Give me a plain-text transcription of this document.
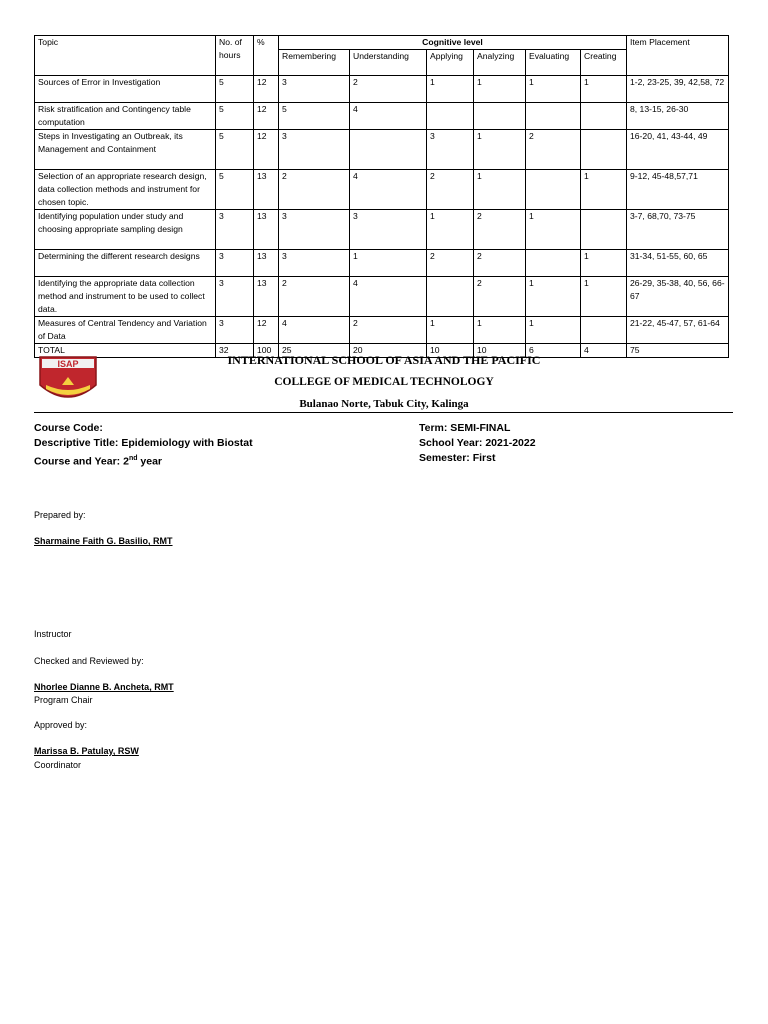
Topic	No. of hours	%	Cognitive level						Item Placement
			Remembering	Understanding	Applying	Analyzing	Evaluating	Creating	
Sources of Error in Investigation	5	12	3	2	1	1	1	1	1-2, 23-25, 39, 42,58, 72
Risk stratification and Contingency table computation	5	12	5	4					8, 13-15, 26-30
Steps in Investigating an Outbreak, its Management and Containment	5	12	3		3	1	2		16-20, 41, 43-44, 49
Selection of an appropriate research design, data collection methods and instrument for chosen topic.	5	13	2	4	2	1		1	9-12, 45-48,57,71
Identifying population under study and choosing appropriate sampling design	3	13	3	3	1	2	1		3-7, 68,70, 73-75
Determining the different research designs	3	13	3	1	2	2		1	31-34, 51-55, 60, 65
Identifying the appropriate data collection method and instrument to be used to collect data.	3	13	2	4		2	1	1	26-29, 35-38, 40, 56, 66-67
Measures of Central Tendency and Variation of Data	3	12	4	2	1	1	1		21-22, 45-47, 57, 61-64
TOTAL	32	100	25	20	10	10	6	4	75
ISAP	INTERNATIONAL SCHOOL OF ASIA AND THE PACIFIC
COLLEGE OF MEDICAL TECHNOLOGY
Bulanao Norte, Tabuk City, Kalinga
Course Code:
Descriptive Title: Epidemiology with Biostat
Course and Year: 2nd year
Term: SEMI-FINAL
School Year: 2021-2022
Semester: First
Prepared by:
Sharmaine Faith G. Basilio, RMT
Instructor
Checked and Reviewed by:
Nhorlee Dianne B. Ancheta, RMT
Program Chair
Approved by:
Marissa B. Patulay, RSW
Coordinator
